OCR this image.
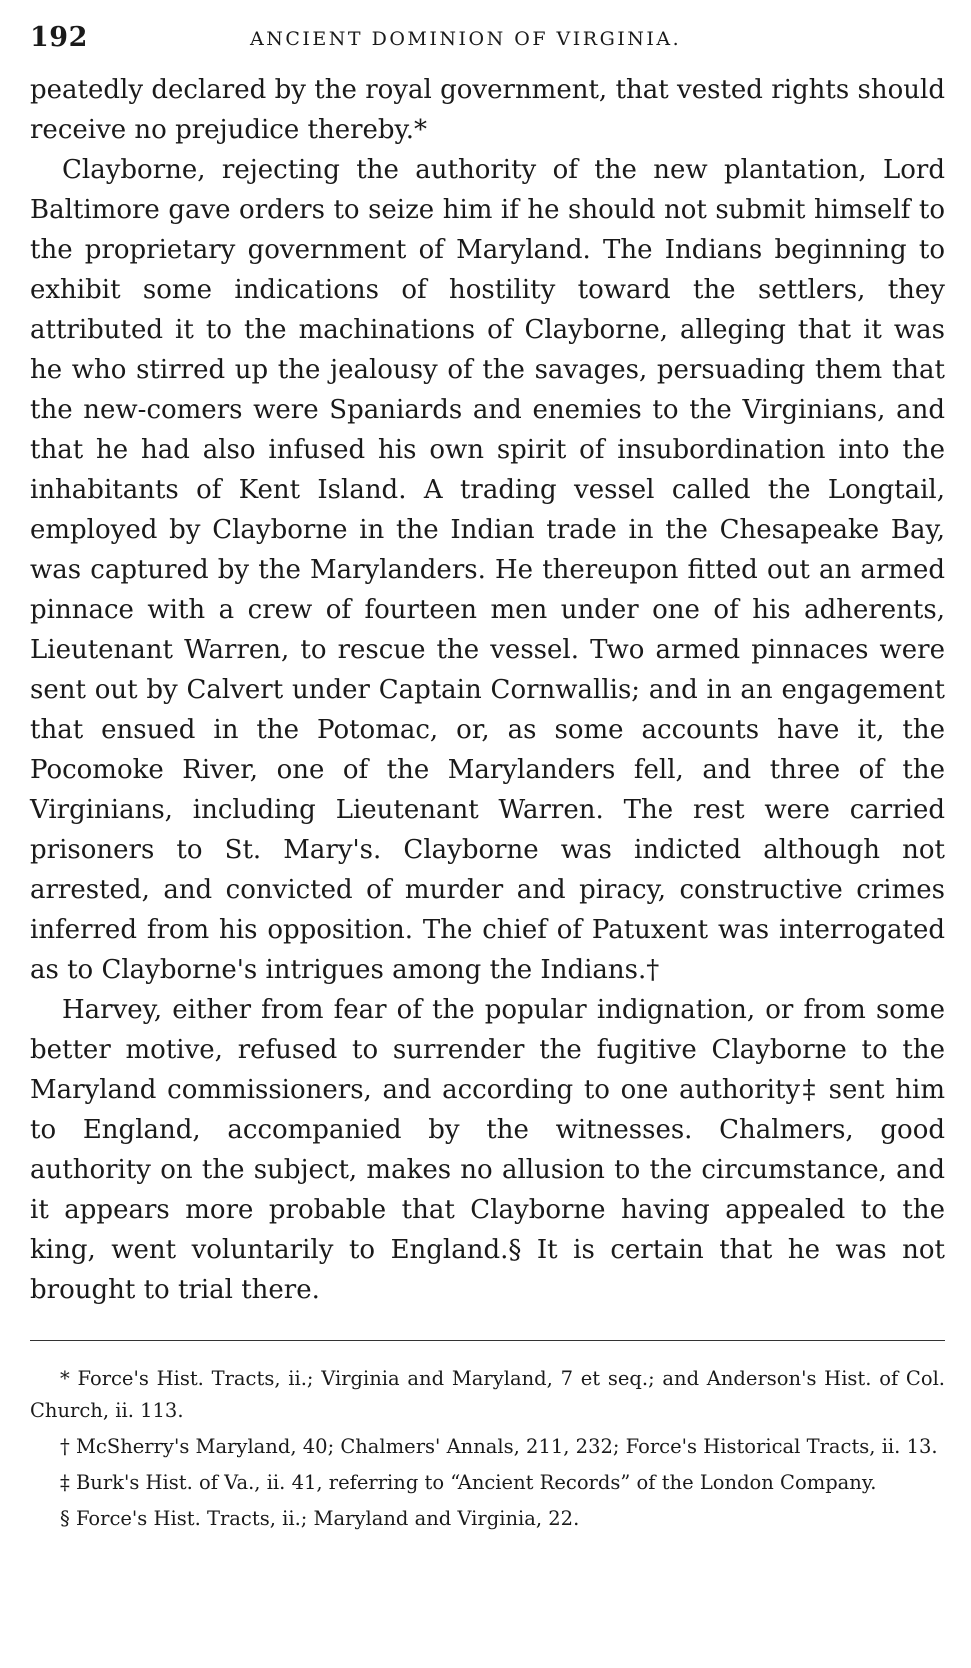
192	ANCIENT DOMINION OF VIRGINIA.

peatedly declared by the royal government, that vested rights should receive no prejudice thereby.*

Clayborne, rejecting the authority of the new plantation, Lord Baltimore gave orders to seize him if he should not submit himself to the proprietary government of Maryland. The Indians beginning to exhibit some indications of hostility toward the settlers, they attributed it to the machinations of Clayborne, alleging that it was he who stirred up the jealousy of the savages, persuading them that the new-comers were Spaniards and enemies to the Virginians, and that he had also infused his own spirit of insubordination into the inhabitants of Kent Island. A trading vessel called the Longtail, employed by Clayborne in the Indian trade in the Chesapeake Bay, was captured by the Marylanders. He thereupon fitted out an armed pinnace with a crew of fourteen men under one of his adherents, Lieutenant Warren, to rescue the vessel. Two armed pinnaces were sent out by Calvert under Captain Cornwallis; and in an engagement that ensued in the Potomac, or, as some accounts have it, the Pocomoke River, one of the Marylanders fell, and three of the Virginians, including Lieutenant Warren. The rest were carried prisoners to St. Mary's. Clayborne was indicted although not arrested, and convicted of murder and piracy, constructive crimes inferred from his opposition. The chief of Patuxent was interrogated as to Clayborne's intrigues among the Indians.†

Harvey, either from fear of the popular indignation, or from some better motive, refused to surrender the fugitive Clayborne to the Maryland commissioners, and according to one authority‡ sent him to England, accompanied by the witnesses. Chalmers, good authority on the subject, makes no allusion to the circumstance, and it appears more probable that Clayborne having appealed to the king, went voluntarily to England.§ It is certain that he was not brought to trial there.

* Force's Hist. Tracts, ii.; Virginia and Maryland, 7 et seq.; and Anderson's Hist. of Col. Church, ii. 113.

† McSherry's Maryland, 40; Chalmers' Annals, 211, 232; Force's Historical Tracts, ii. 13.

‡ Burk's Hist. of Va., ii. 41, referring to “Ancient Records” of the London Company.

§ Force's Hist. Tracts, ii.; Maryland and Virginia, 22.
